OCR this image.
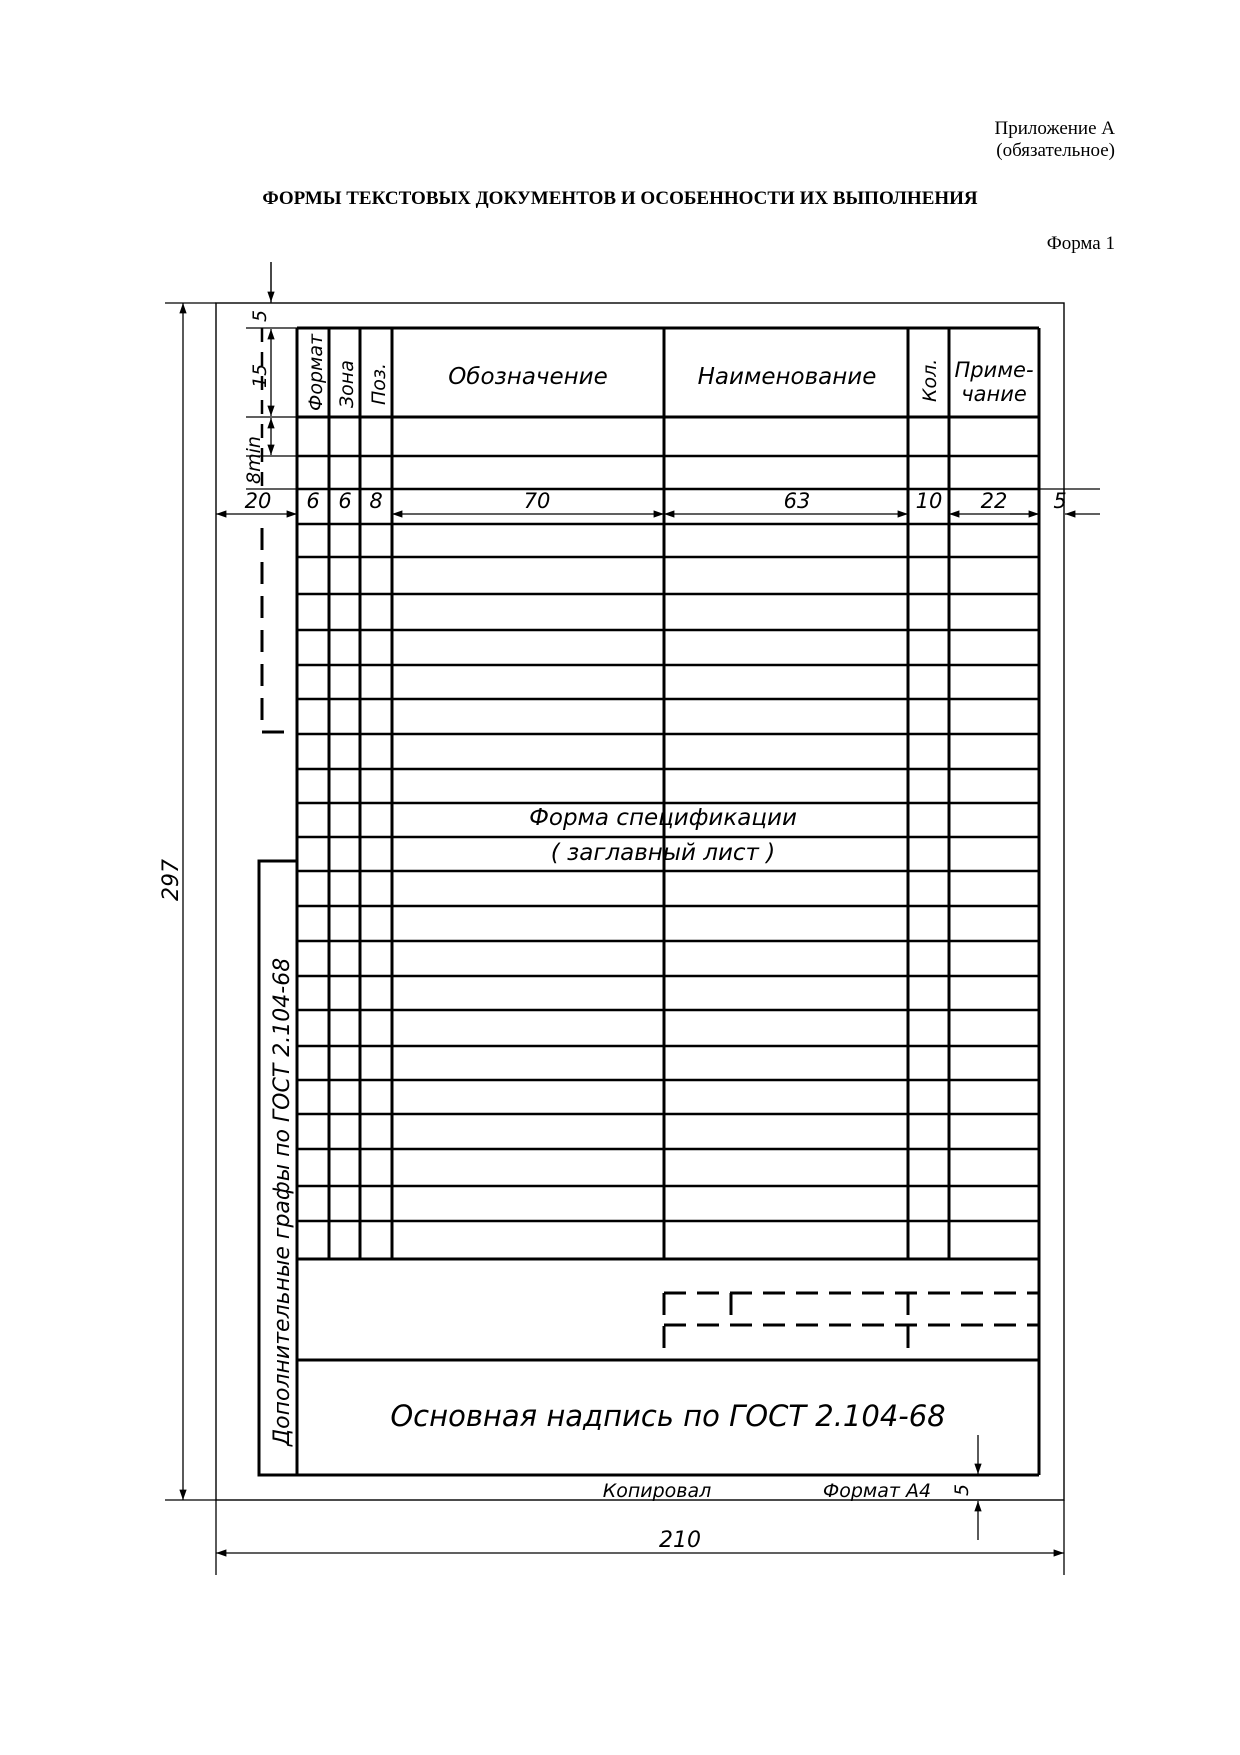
Приложение А
(обязательное)
ФОРМЫ ТЕКСТОВЫХ ДОКУМЕНТОВ И ОСОБЕННОСТИ ИХ ВЫПОЛНЕНИЯ
Форма 1
Формат Зона Поз.	Обозначение	Наименование Кол. Приме-
чание
5
15
8min
20 6 6 8	70	63	10 22 5
297
210
5
Форма спецификации
( заглавный лист )
Дополнительные графы по ГОСТ 2.104-68	Основная надпись по ГОСТ 2.104-68
Копировал	Формат А4
